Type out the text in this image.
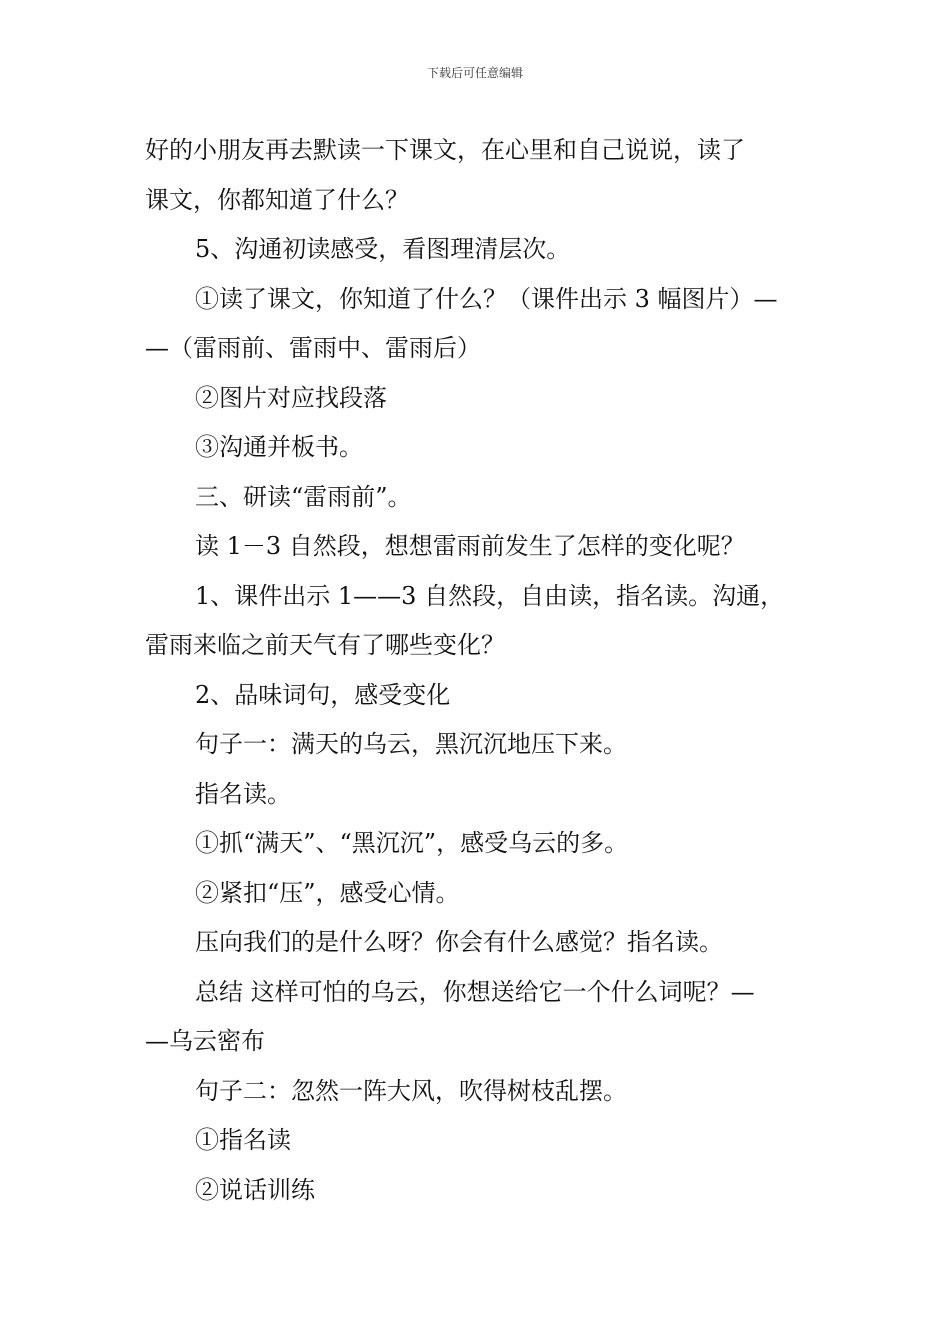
下载后可任意编辑

好的小朋友再去默读一下课文，在心里和自己说说，读了
课文，你都知道了什么？

5、沟通初读感受，看图理清层次。

①读了课文，你知道了什么？（课件出示 3 幅图片）—
—（雷雨前、雷雨中、雷雨后）

②图片对应找段落

③沟通并板书。

三、研读“雷雨前”。

读 1－3 自然段，想想雷雨前发生了怎样的变化呢？

1、课件出示 1——3 自然段，自由读，指名读。沟通，
雷雨来临之前天气有了哪些变化？

2、品味词句，感受变化

句子一：满天的乌云，黑沉沉地压下来。

指名读。

①抓“满天”、“黑沉沉”，感受乌云的多。

②紧扣“压”，感受心情。

压向我们的是什么呀？你会有什么感觉？指名读。

总结 这样可怕的乌云，你想送给它一个什么词呢？—
—乌云密布

句子二：忽然一阵大风，吹得树枝乱摆。

①指名读

②说话训练
